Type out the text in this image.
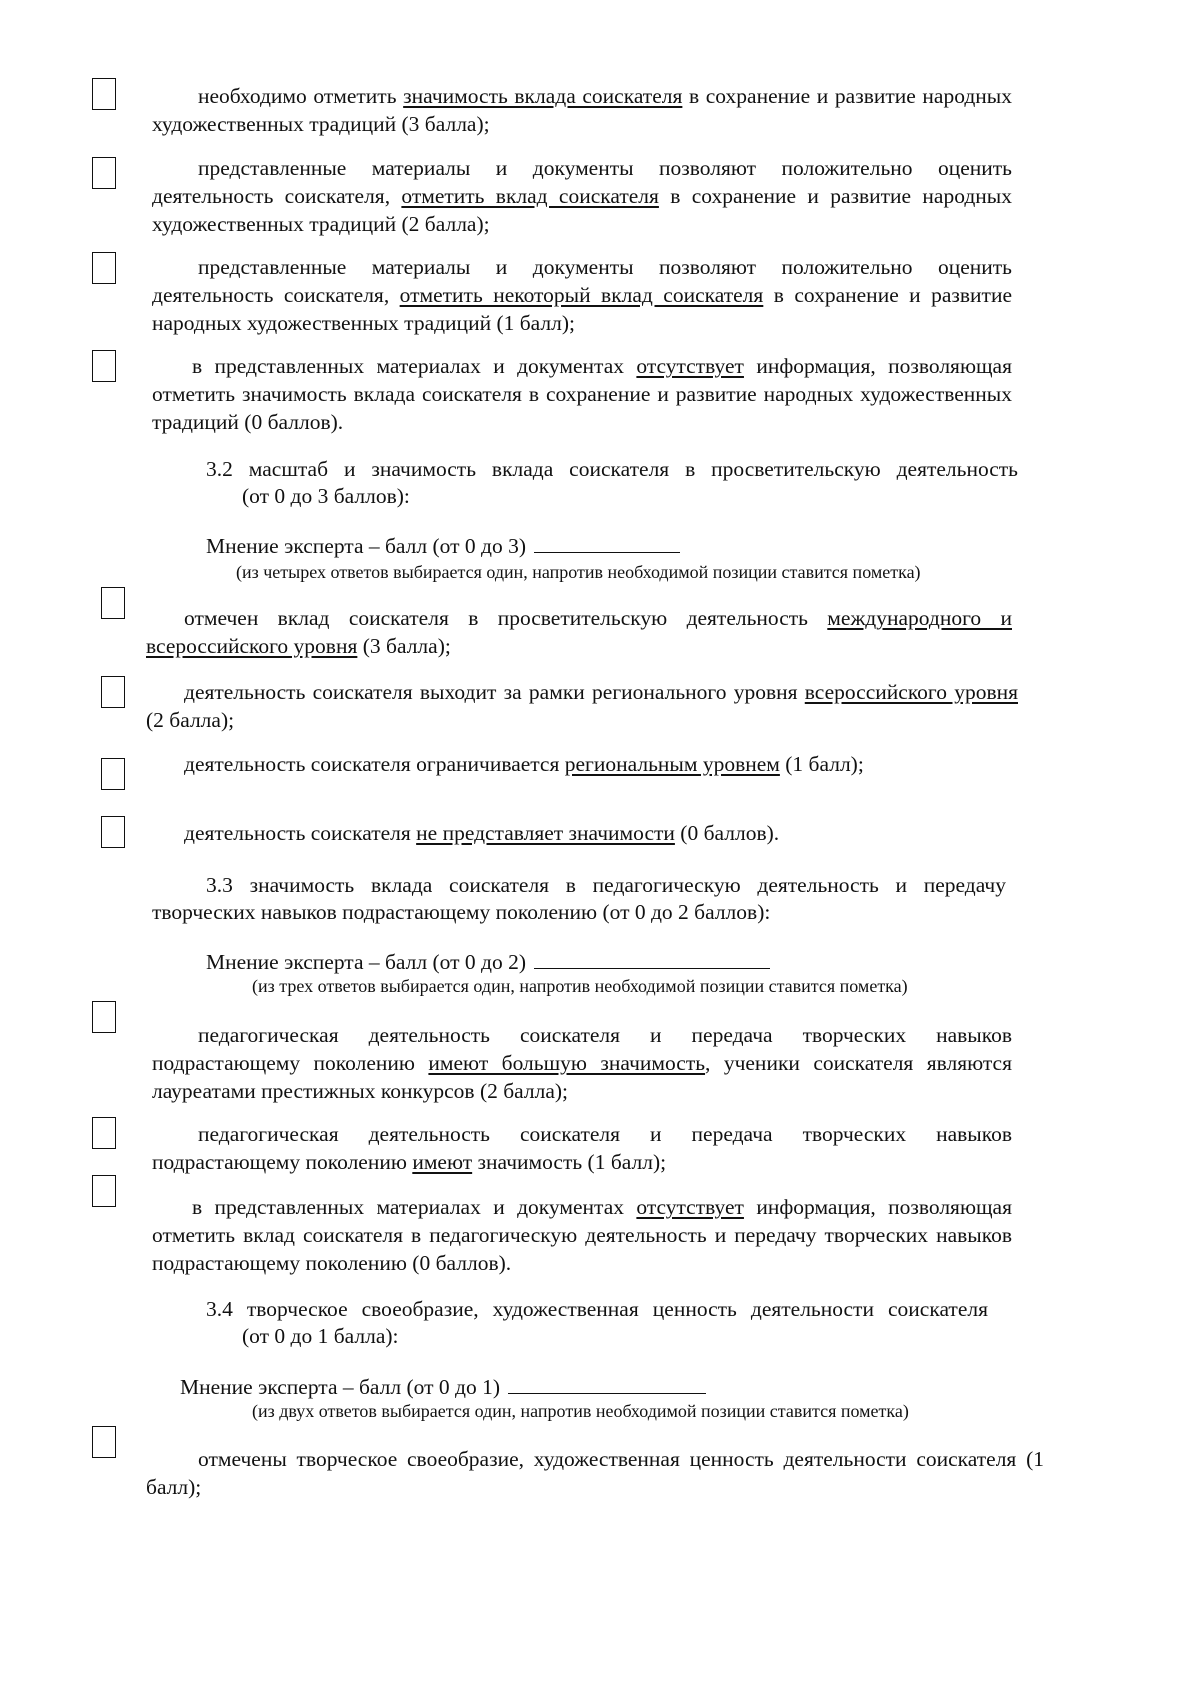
необходимо отметить значимость вклада соискателя в сохранение и развитие народных художественных традиций (3 балла);
представленные материалы и документы позволяют положительно оценить деятельность соискателя, отметить вклад соискателя в сохранение и развитие народных художественных традиций (2 балла);
представленные материалы и документы позволяют положительно оценить деятельность соискателя, отметить некоторый вклад соискателя в сохранение и развитие народных художественных традиций (1 балл);
в представленных материалах и документах отсутствует информация, позволяющая отметить значимость вклада соискателя в сохранение и развитие народных художественных традиций (0 баллов).
3.2 масштаб и значимость вклада соискателя в просветительскую деятельность
(от 0 до 3 баллов):
Мнение эксперта – балл (от 0 до 3)
(из четырех ответов выбирается один, напротив необходимой позиции ставится пометка)
отмечен вклад соискателя в просветительскую деятельность международного и всероссийского уровня (3 балла);
деятельность соискателя выходит за рамки регионального уровня всероссийского уровня (2 балла);
деятельность соискателя ограничивается региональным уровнем (1 балл);
деятельность соискателя не представляет значимости (0 баллов).
3.3 значимость вклада соискателя в педагогическую деятельность и передачу
творческих навыков подрастающему поколению (от 0 до 2 баллов):
Мнение эксперта – балл (от 0 до 2)
(из трех ответов выбирается один, напротив необходимой позиции ставится пометка)
педагогическая деятельность соискателя и передача творческих навыков подрастающему поколению имеют большую значимость, ученики соискателя являются лауреатами престижных конкурсов (2 балла);
педагогическая деятельность соискателя и передача творческих навыков подрастающему поколению имеют значимость (1 балл);
в представленных материалах и документах отсутствует информация, позволяющая отметить вклад соискателя в педагогическую деятельность и передачу творческих навыков подрастающему поколению (0 баллов).
3.4 творческое своеобразие, художественная ценность деятельности соискателя
(от 0 до 1 балла):
Мнение эксперта – балл (от 0 до 1)
(из двух ответов выбирается один, напротив необходимой позиции ставится пометка)
отмечены творческое своеобразие, художественная ценность деятельности соискателя (1 балл);
